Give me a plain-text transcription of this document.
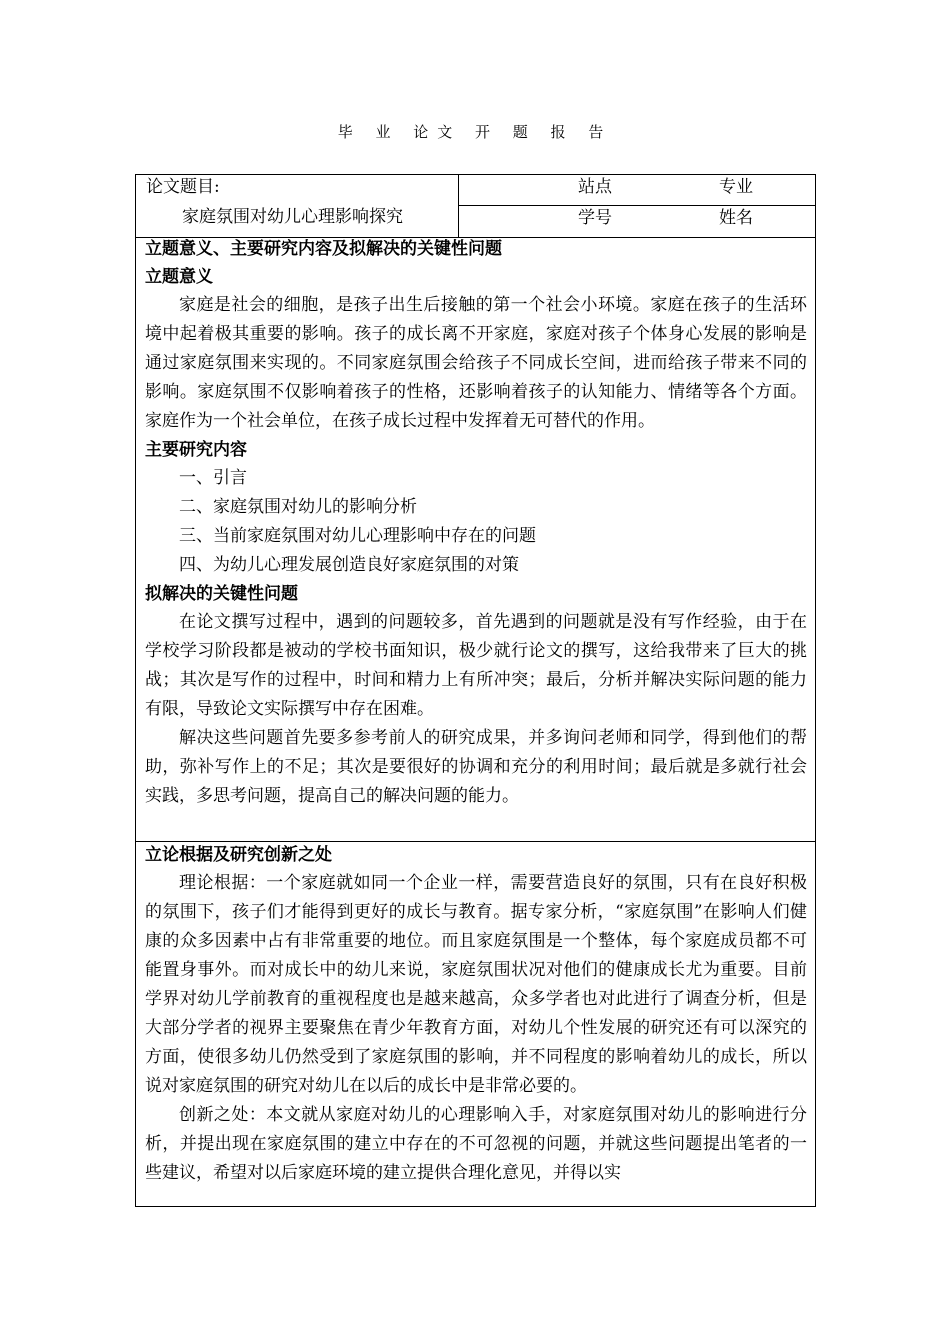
毕 业 论文 开 题 报 告
论文题目:
家庭氛围对幼儿心理影响探究
站点	专业
学号	姓名
立题意义、主要研究内容及拟解决的关键性问题
立题意义

家庭是社会的细胞，是孩子出生后接触的第一个社会小环境。家庭在孩子的生活环境中起着极其重要的影响。孩子的成长离不开家庭，家庭对孩子个体身心发展的影响是通过家庭氛围来实现的。不同家庭氛围会给孩子不同成长空间，进而给孩子带来不同的影响。家庭氛围不仅影响着孩子的性格，还影响着孩子的认知能力、情绪等各个方面。家庭作为一个社会单位，在孩子成长过程中发挥着无可替代的作用。

主要研究内容
一、引言
二、家庭氛围对幼儿的影响分析
三、当前家庭氛围对幼儿心理影响中存在的问题
四、为幼儿心理发展创造良好家庭氛围的对策
拟解决的关键性问题

在论文撰写过程中，遇到的问题较多，首先遇到的问题就是没有写作经验，由于在学校学习阶段都是被动的学校书面知识，极少就行论文的撰写，这给我带来了巨大的挑战；其次是写作的过程中，时间和精力上有所冲突；最后，分析并解决实际问题的能力有限，导致论文实际撰写中存在困难。

解决这些问题首先要多参考前人的研究成果，并多询问老师和同学，得到他们的帮助，弥补写作上的不足；其次是要很好的协调和充分的利用时间；最后就是多就行社会实践，多思考问题，提高自己的解决问题的能力。

立论根据及研究创新之处

理论根据：一个家庭就如同一个企业一样，需要营造良好的氛围，只有在良好积极的氛围下，孩子们才能得到更好的成长与教育。据专家分析，“家庭氛围”在影响人们健康的众多因素中占有非常重要的地位。而且家庭氛围是一个整体，每个家庭成员都不可能置身事外。而对成长中的幼儿来说，家庭氛围状况对他们的健康成长尤为重要。目前学界对幼儿学前教育的重视程度也是越来越高，众多学者也对此进行了调查分析，但是大部分学者的视界主要聚焦在青少年教育方面，对幼儿个性发展的研究还有可以深究的方面，使很多幼儿仍然受到了家庭氛围的影响，并不同程度的影响着幼儿的成长，所以说对家庭氛围的研究对幼儿在以后的成长中是非常必要的。

创新之处：本文就从家庭对幼儿的心理影响入手，对家庭氛围对幼儿的影响进行分析，并提出现在家庭氛围的建立中存在的不可忽视的问题，并就这些问题提出笔者的一些建议，希望对以后家庭环境的建立提供合理化意见，并得以实
